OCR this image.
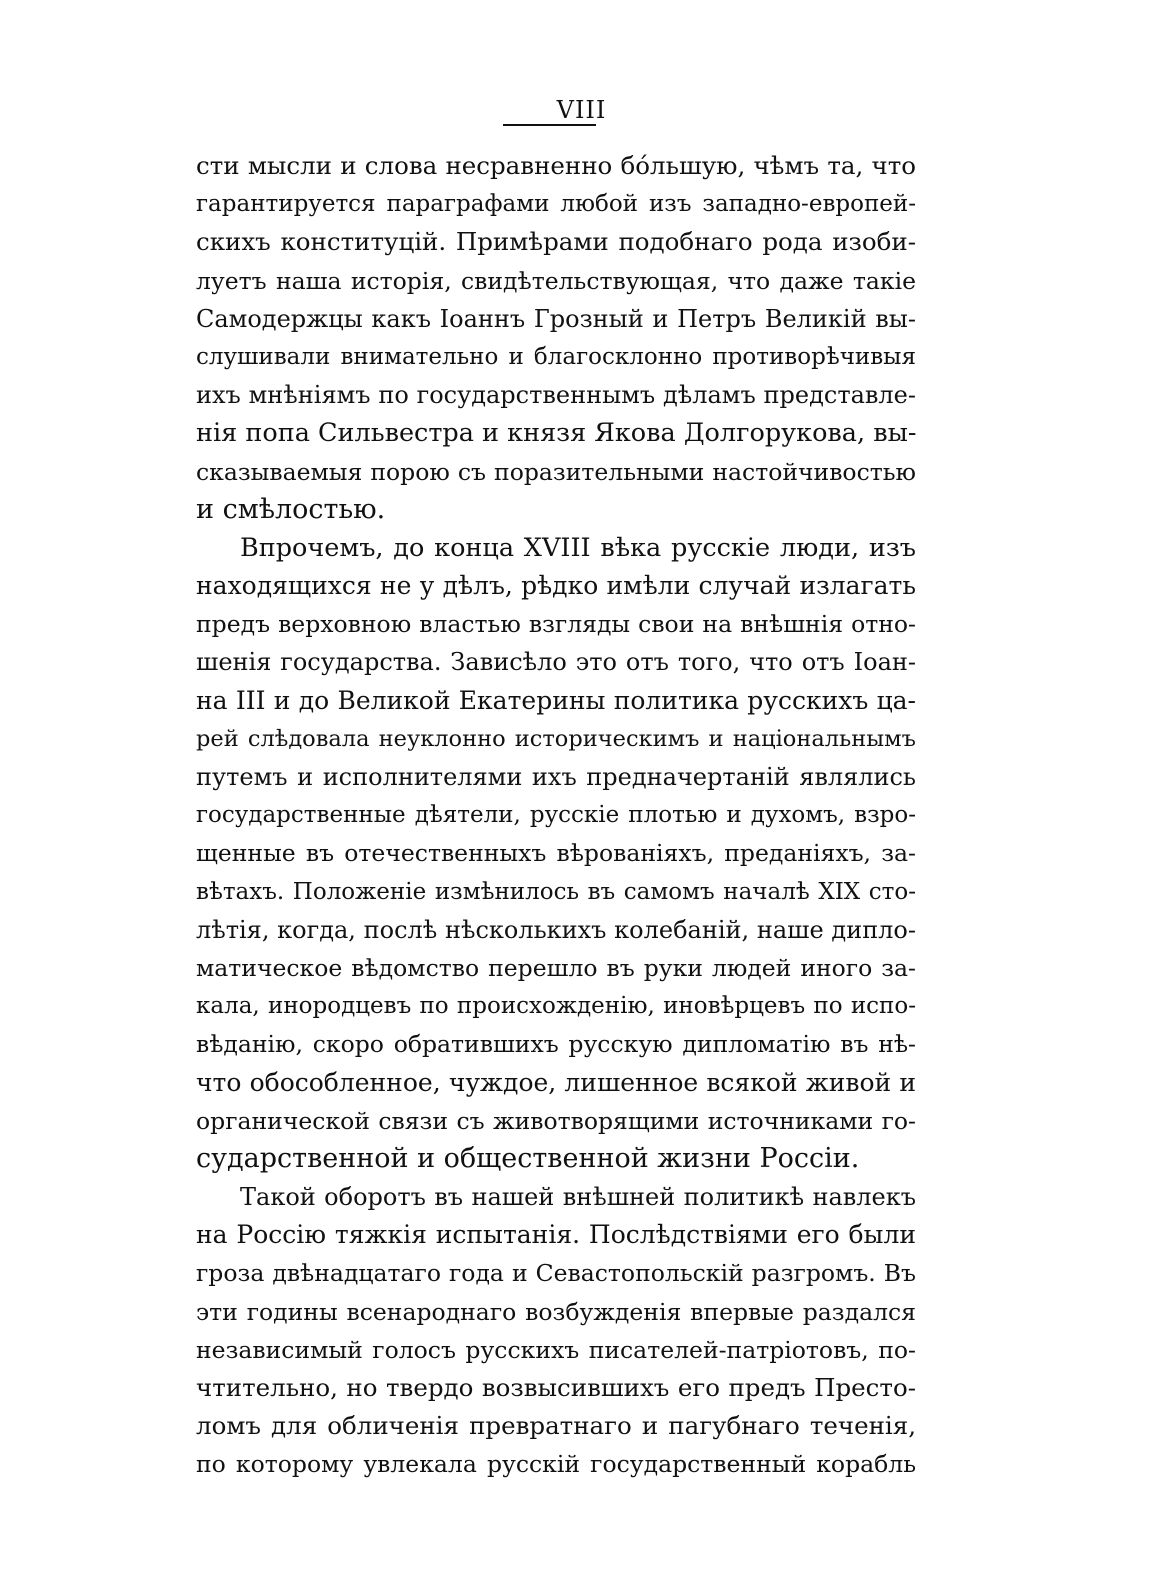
VIII
сти мысли и слова несравненно бо́льшую, чѣмъ та, что
гарантируется параграфами любой изъ западно-европей-
скихъ конституцій. Примѣрами подобнаго рода изоби-
луетъ наша исторія, свидѣтельствующая, что даже такіе
Самодержцы какъ Іоаннъ Грозный и Петръ Великій вы-
слушивали внимательно и благосклонно противорѣчивыя
ихъ мнѣніямъ по государственнымъ дѣламъ представле-
нія попа Сильвестра и князя Якова Долгорукова, вы-
сказываемыя порою съ поразительными настойчивостью
и смѣлостью.
Впрочемъ, до конца XVIII вѣка русскіе люди, изъ
находящихся не у дѣлъ, рѣдко имѣли случай излагать
предъ верховною властью взгляды свои на внѣшнія отно-
шенія государства. Зависѣло это отъ того, что отъ Іоан-
на III и до Великой Екатерины политика русскихъ ца-
рей слѣдовала неуклонно историческимъ и національнымъ
путемъ и исполнителями ихъ предначертаній являлись
государственные дѣятели, русскіе плотью и духомъ, взро-
щенные въ отечественныхъ вѣрованіяхъ, преданіяхъ, за-
вѣтахъ. Положеніе измѣнилось въ самомъ началѣ XIX сто-
лѣтія, когда, послѣ нѣсколькихъ колебаній, наше дипло-
матическое вѣдомство перешло въ руки людей иного за-
кала, инородцевъ по происхожденію, иновѣрцевъ по испо-
вѣданію, скоро обратившихъ русскую дипломатію въ нѣ-
что обособленное, чуждое, лишенное всякой живой и
органической связи съ животворящими источниками го-
сударственной и общественной жизни Россіи.
Такой оборотъ въ нашей внѣшней политикѣ навлекъ
на Россію тяжкія испытанія. Послѣдствіями его были
гроза двѣнадцатаго года и Севастопольскій разгромъ. Въ
эти годины всенароднаго возбужденія впервые раздался
независимый голосъ русскихъ писателей-патріотовъ, по-
чтительно, но твердо возвысившихъ его предъ Престо-
ломъ для обличенія превратнаго и пагубнаго теченія,
по которому увлекала русскій государственный корабль
